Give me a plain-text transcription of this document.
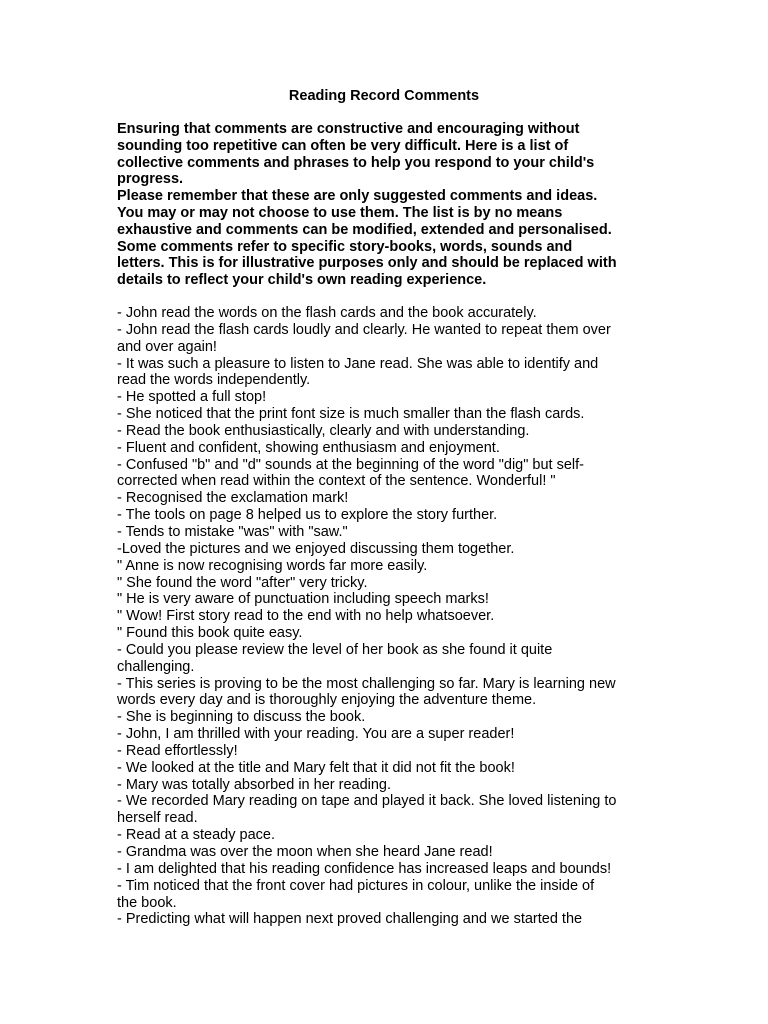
Reading Record Comments
Ensuring that comments are constructive and encouraging without
sounding too repetitive can often be very difficult. Here is a list of
collective comments and phrases to help you respond to your child's
progress.
Please remember that these are only suggested comments and ideas.
You may or may not choose to use them. The list is by no means
exhaustive and comments can be modified, extended and personalised.
Some comments refer to specific story-books, words, sounds and
letters. This is for illustrative purposes only and should be replaced with
details to reflect your child's own reading experience.
- John read the words on the flash cards and the book accurately.
- John read the flash cards loudly and clearly. He wanted to repeat them over
and over again!
- It was such a pleasure to listen to Jane read. She was able to identify and
read the words independently.
- He spotted a full stop!
- She noticed that the print font size is much smaller than the flash cards.
- Read the book enthusiastically, clearly and with understanding.
- Fluent and confident, showing enthusiasm and enjoyment.
- Confused "b" and "d" sounds at the beginning of the word "dig" but self-
corrected when read within the context of the sentence. Wonderful! "
- Recognised the exclamation mark!
- The tools on page 8 helped us to explore the story further.
- Tends to mistake "was" with "saw."
-Loved the pictures and we enjoyed discussing them together.
" Anne is now recognising words far more easily.
" She found the word "after" very tricky.
" He is very aware of punctuation including speech marks!
" Wow! First story read to the end with no help whatsoever.
" Found this book quite easy.
- Could you please review the level of her book as she found it quite
challenging.
- This series is proving to be the most challenging so far. Mary is learning new
words every day and is thoroughly enjoying the adventure theme.
- She is beginning to discuss the book.
- John, I am thrilled with your reading. You are a super reader!
- Read effortlessly!
- We looked at the title and Mary felt that it did not fit the book!
- Mary was totally absorbed in her reading.
- We recorded Mary reading on tape and played it back. She loved listening to
herself read.
- Read at a steady pace.
- Grandma was over the moon when she heard Jane read!
- I am delighted that his reading confidence has increased leaps and bounds!
- Tim noticed that the front cover had pictures in colour, unlike the inside of
the book.
- Predicting what will happen next proved challenging and we started the
